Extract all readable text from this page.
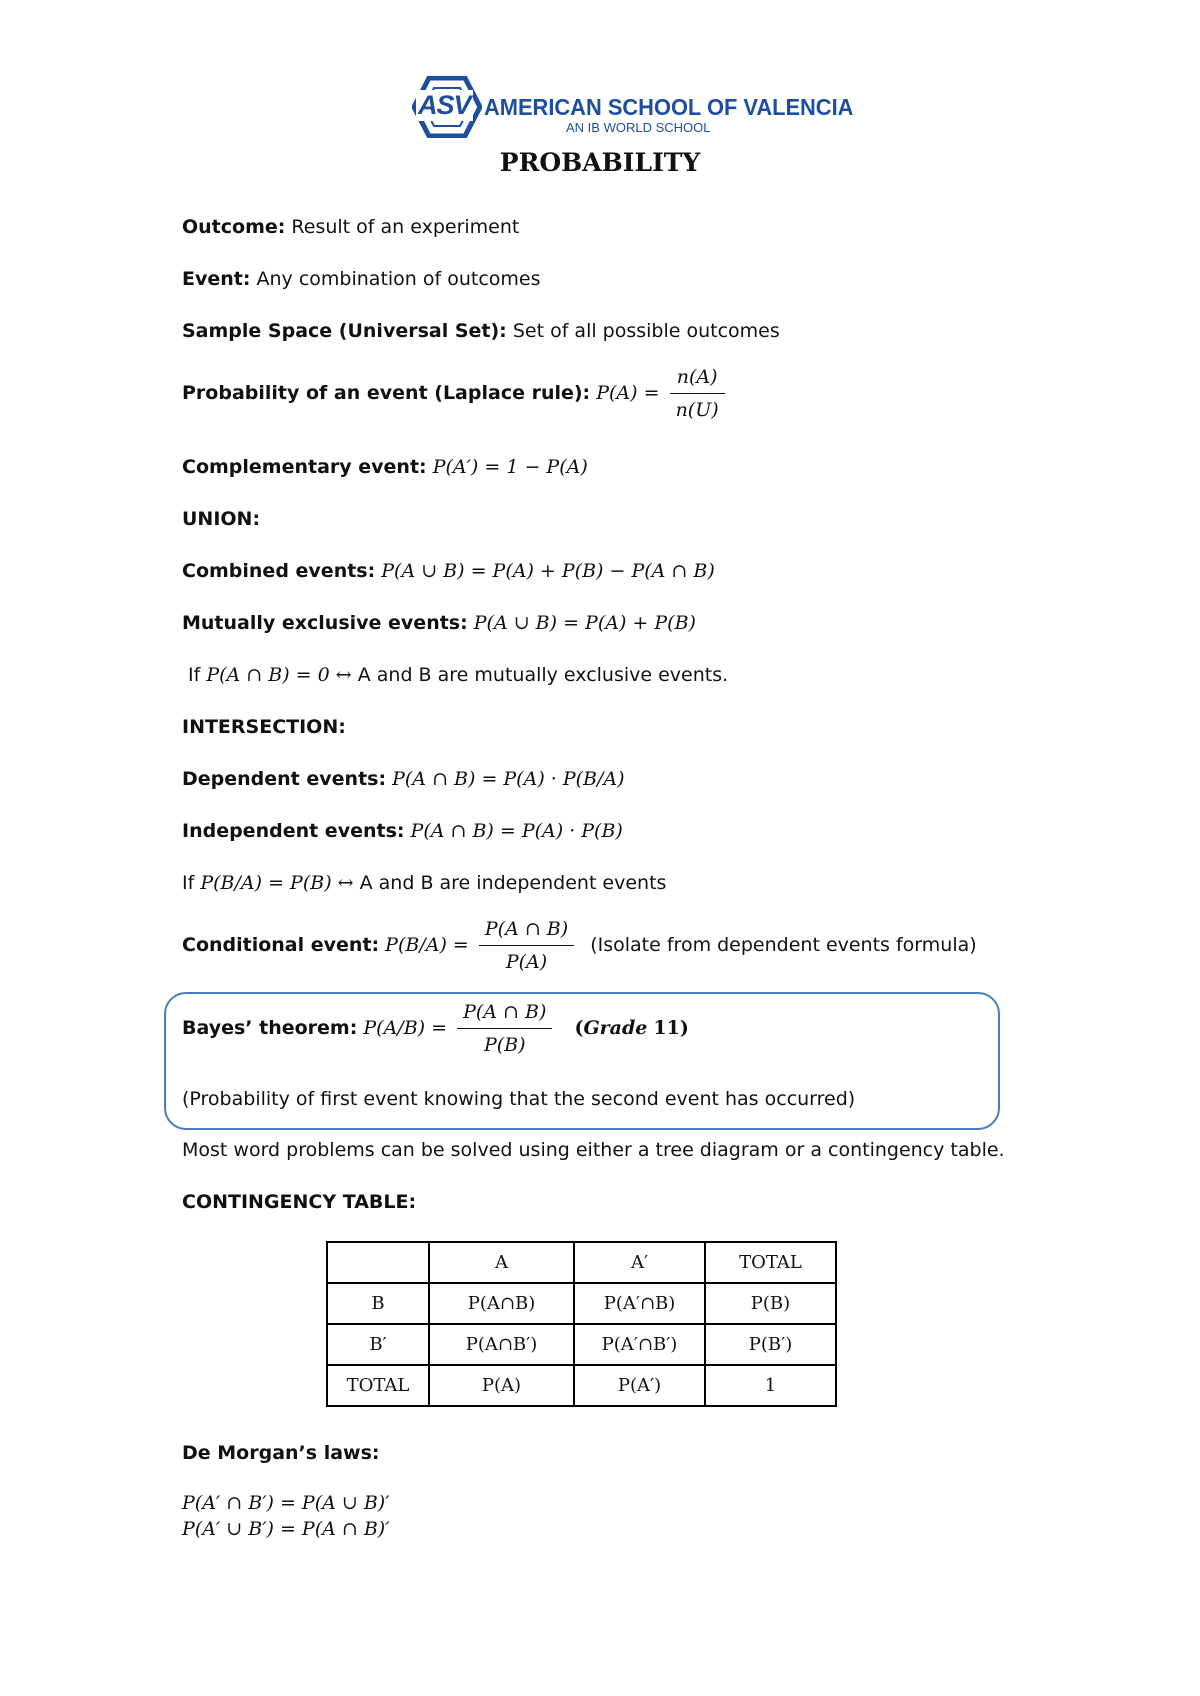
ASV AMERICAN SCHOOL OF VALENCIA
AN IB WORLD SCHOOL
PROBABILITY
Outcome: Result of an experiment
Event: Any combination of outcomes
Sample Space (Universal Set): Set of all possible outcomes
Probability of an event (Laplace rule): $P(A) = \frac{n(A)}{n(U)}$
Complementary event: P(A′) = 1 − P(A)
UNION:
Combined events: P(A ∪ B) = P(A) + P(B) − P(A ∩ B)
Mutually exclusive events: P(A ∪ B) = P(A) + P(B)
If P(A ∩ B) = 0 ↔ A and B are mutually exclusive events.
INTERSECTION:
Dependent events: P(A ∩ B) = P(A) · P(B/A)
Independent events: P(A ∩ B) = P(A) · P(B)
If P(B/A) = P(B) ↔ A and B are independent events
Conditional event: $P(B/A) = \frac{P(A \cap B)}{P(A)}$ (Isolate from dependent events formula)
Bayes’ theorem: $P(A/B) = \frac{P(A \cap B)}{P(B)}$ (Grade 11)
(Probability of first event knowing that the second event has occurred)
Most word problems can be solved using either a tree diagram or a contingency table.
CONTINGENCY TABLE:
	A	A′	TOTAL
B	P(A∩B)	P(A′∩B)	P(B)
B′	P(A∩B′)	P(A′∩B′)	P(B′)
TOTAL	P(A)	P(A′)	1
De Morgan’s laws:
P(A′ ∩ B′) = P(A ∪ B)′
P(A′ ∪ B′) = P(A ∩ B)′
